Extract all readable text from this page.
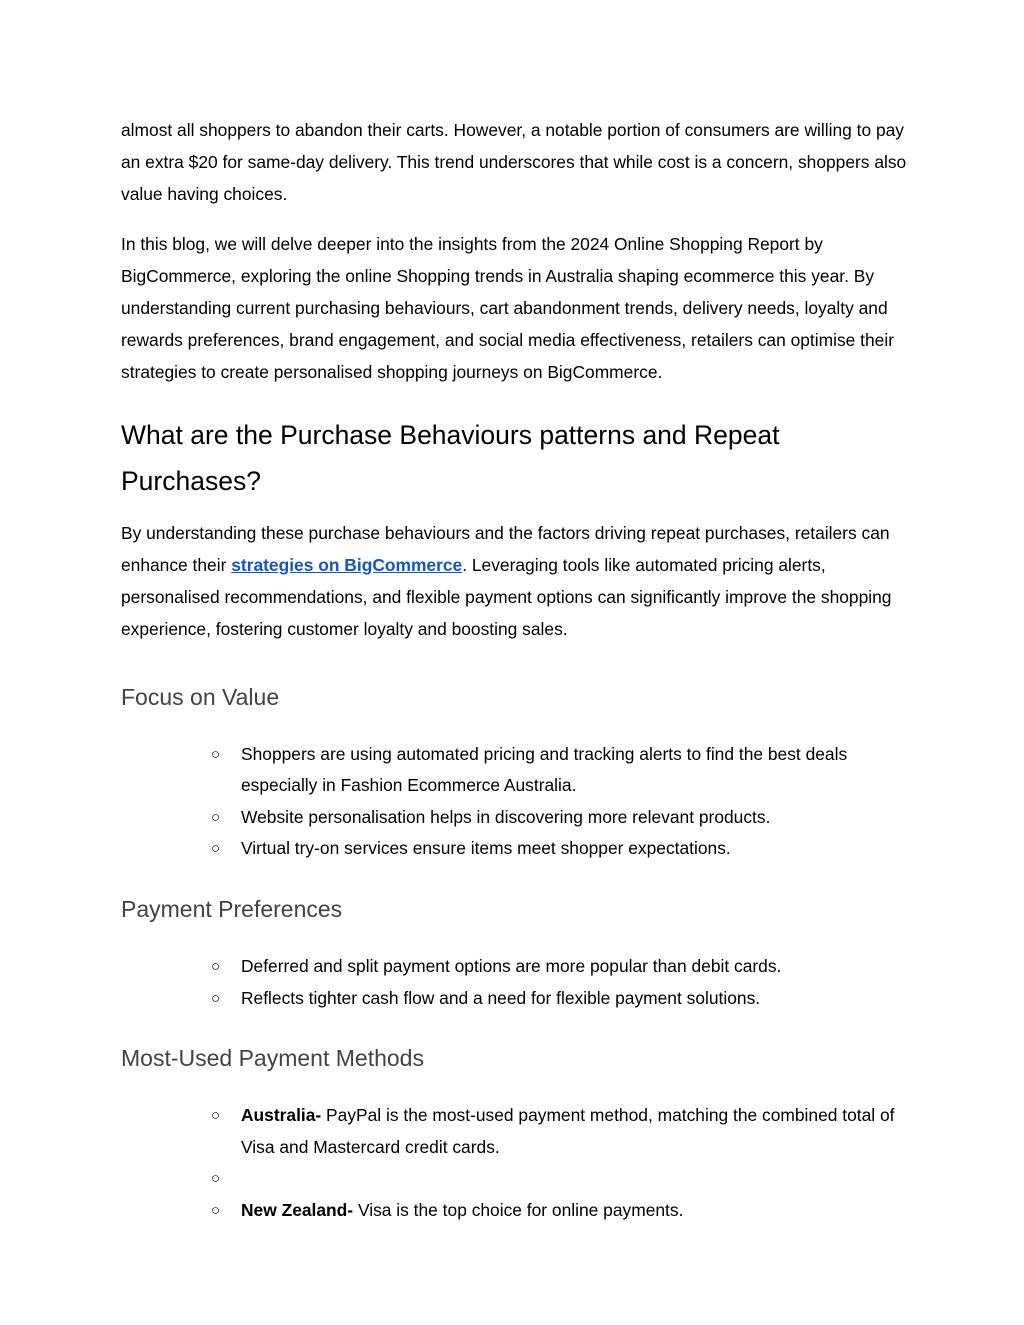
almost all shoppers to abandon their carts. However, a notable portion of consumers are willing to pay an extra $20 for same-day delivery. This trend underscores that while cost is a concern, shoppers also value having choices.

In this blog, we will delve deeper into the insights from the 2024 Online Shopping Report by BigCommerce, exploring the online Shopping trends in Australia shaping ecommerce this year. By understanding current purchasing behaviours, cart abandonment trends, delivery needs, loyalty and rewards preferences, brand engagement, and social media effectiveness, retailers can optimise their strategies to create personalised shopping journeys on BigCommerce.

What are the Purchase Behaviours patterns and Repeat Purchases?

By understanding these purchase behaviours and the factors driving repeat purchases, retailers can enhance their strategies on BigCommerce. Leveraging tools like automated pricing alerts, personalised recommendations, and flexible payment options can significantly improve the shopping experience, fostering customer loyalty and boosting sales.

Focus on Value
○ Shoppers are using automated pricing and tracking alerts to find the best deals especially in Fashion Ecommerce Australia.
○ Website personalisation helps in discovering more relevant products.
○ Virtual try-on services ensure items meet shopper expectations.
Payment Preferences
○ Deferred and split payment options are more popular than debit cards.
○ Reflects tighter cash flow and a need for flexible payment solutions.
Most-Used Payment Methods
○ Australia- PayPal is the most-used payment method, matching the combined total of Visa and Mastercard credit cards.
○
○ New Zealand- Visa is the top choice for online payments.
